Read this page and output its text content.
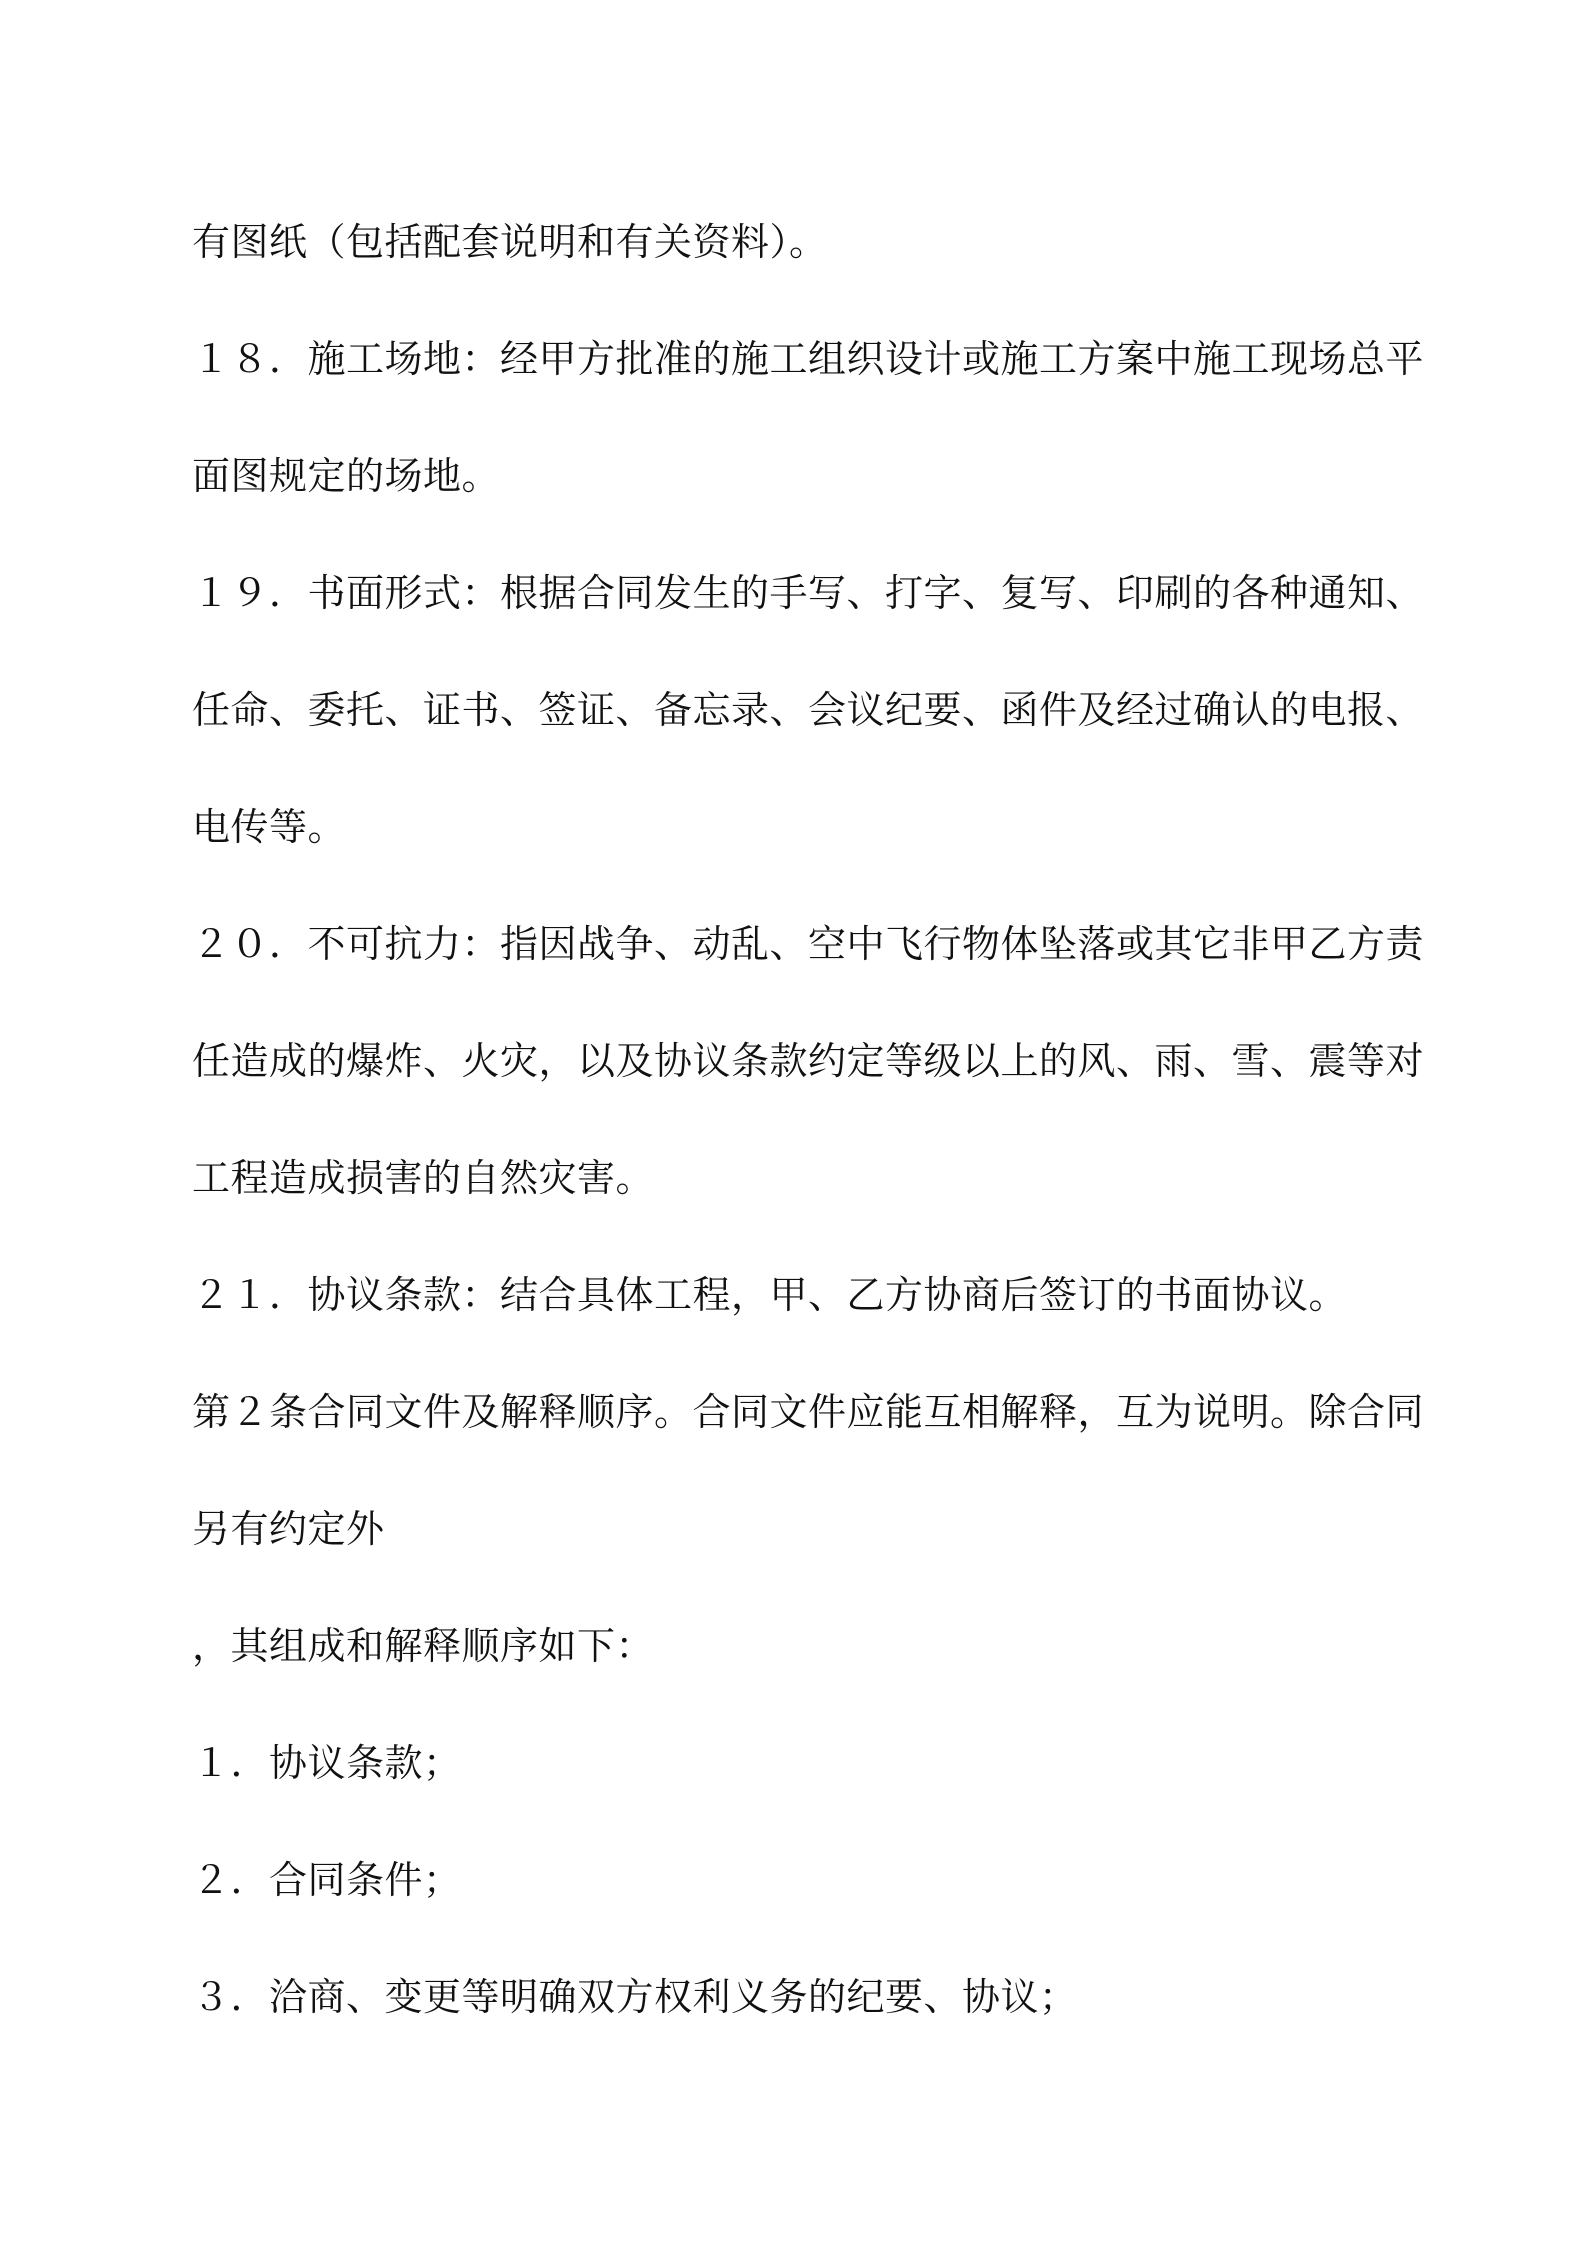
有图纸（包括配套说明和有关资料）。
１８．施工场地：经甲方批准的施工组织设计或施工方案中施工现场总平
面图规定的场地。
１９．书面形式：根据合同发生的手写、打字、复写、印刷的各种通知、
任命、委托、证书、签证、备忘录、会议纪要、函件及经过确认的电报、
电传等。
２０．不可抗力：指因战争、动乱、空中飞行物体坠落或其它非甲乙方责
任造成的爆炸、火灾，以及协议条款约定等级以上的风、雨、雪、震等对
工程造成损害的自然灾害。
２１．协议条款：结合具体工程，甲、乙方协商后签订的书面协议。
第２条合同文件及解释顺序。合同文件应能互相解释，互为说明。除合同
另有约定外
，其组成和解释顺序如下：
１．协议条款；
２．合同条件；
３．洽商、变更等明确双方权利义务的纪要、协议；
